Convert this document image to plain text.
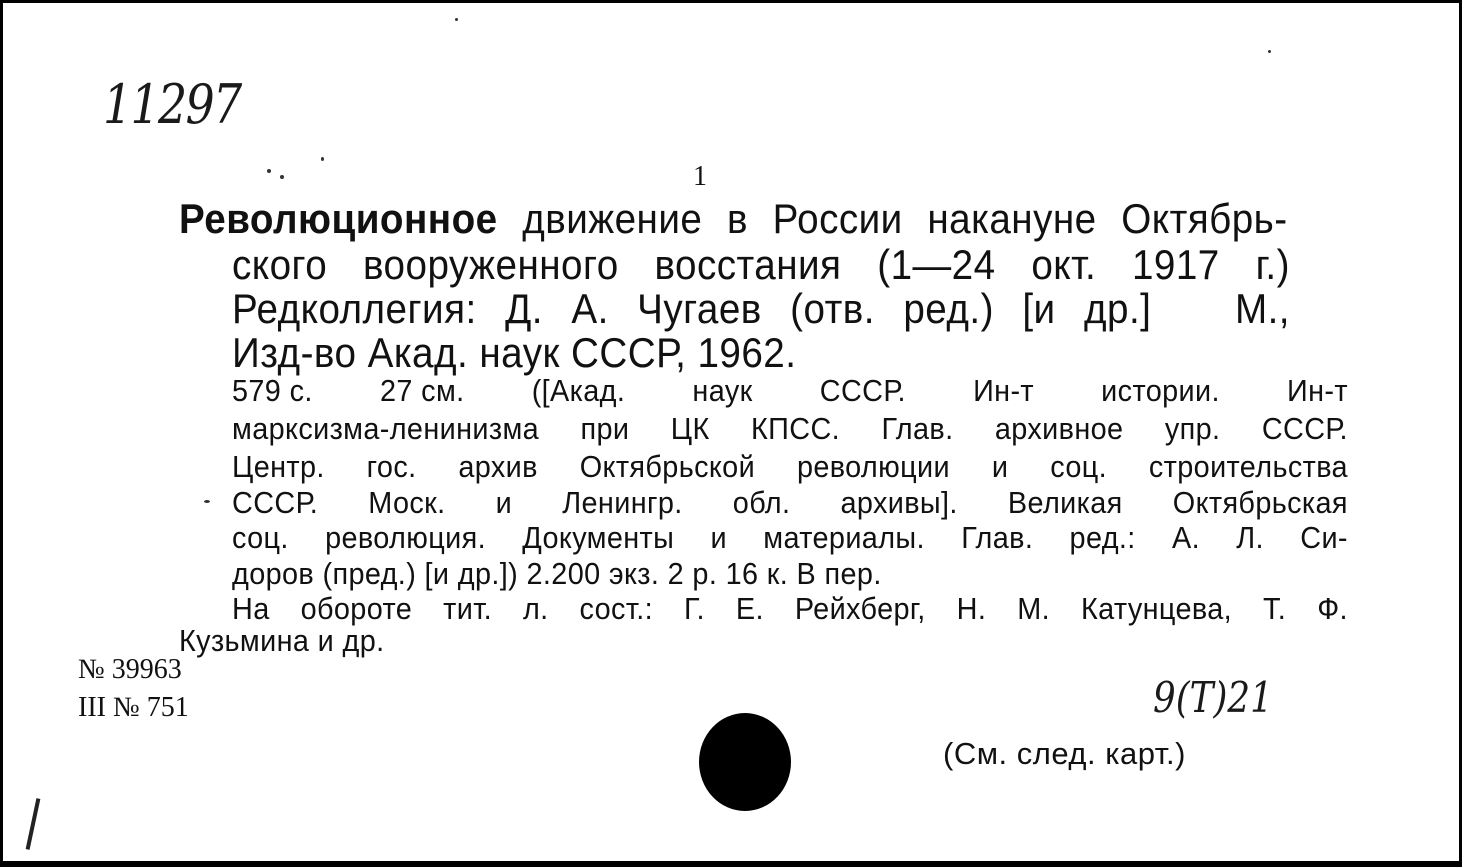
11297
1
Революционное движение в России накануне Октябрь-
ского вооруженного восстания (1—24 окт. 1917 г.)
Редколлегия: Д. А. Чугаев (отв. ред.) [и др.] М.,
Изд-во Акад. наук СССР, 1962.
579 с. 27 см. ([Акад. наук СССР. Ин-т истории. Ин-т
марксизма-ленинизма при ЦК КПСС. Глав. архивное упр. СССР.
Центр. гос. архив Октябрьской революции и соц. строительства
СССР. Моск. и Ленингр. обл. архивы]. Великая Октябрьская
соц. революция. Документы и материалы. Глав. ред.: А. Л. Си-
доров (пред.) [и др.]) 2.200 экз. 2 р. 16 к. В пер.
На обороте тит. л. сост.: Г. Е. Рейхберг, Н. М. Катунцева, Т. Ф.
Кузьмина и др.
№ 39963
III № 751	9(Т)21
(См. след. карт.)
